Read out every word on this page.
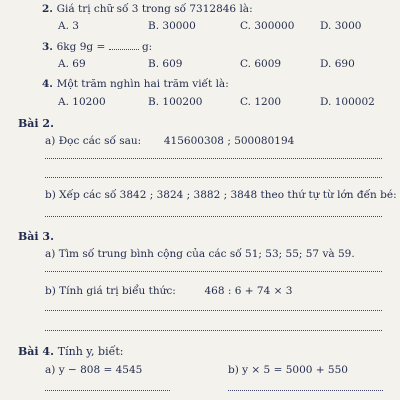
2. Giá trị chữ số 3 trong số 7312846 là:
A. 3	B. 30000	C. 300000 D. 3000
3. 6kg 9g =	g:
A. 69	B. 609	C. 6009	D. 690
4. Một trăm nghìn hai trăm viết là:
A. 10200	B. 100200	C. 1200	D. 100002
Bài 2.
a) Đọc các số sau: 415600308 ; 500080194
b) Xếp các số 3842 ; 3824 ; 3882 ; 3848 theo thứ tự từ lớn đến bé:
Bài 3.
a) Tìm số trung bình cộng của các số 51; 53; 55; 57 và 59.
b) Tính giá trị biểu thức:	468 : 6 + 74 × 3
Bài 4. Tính y, biết:
a) y − 808 = 4545	b) y × 5 = 5000 + 550
